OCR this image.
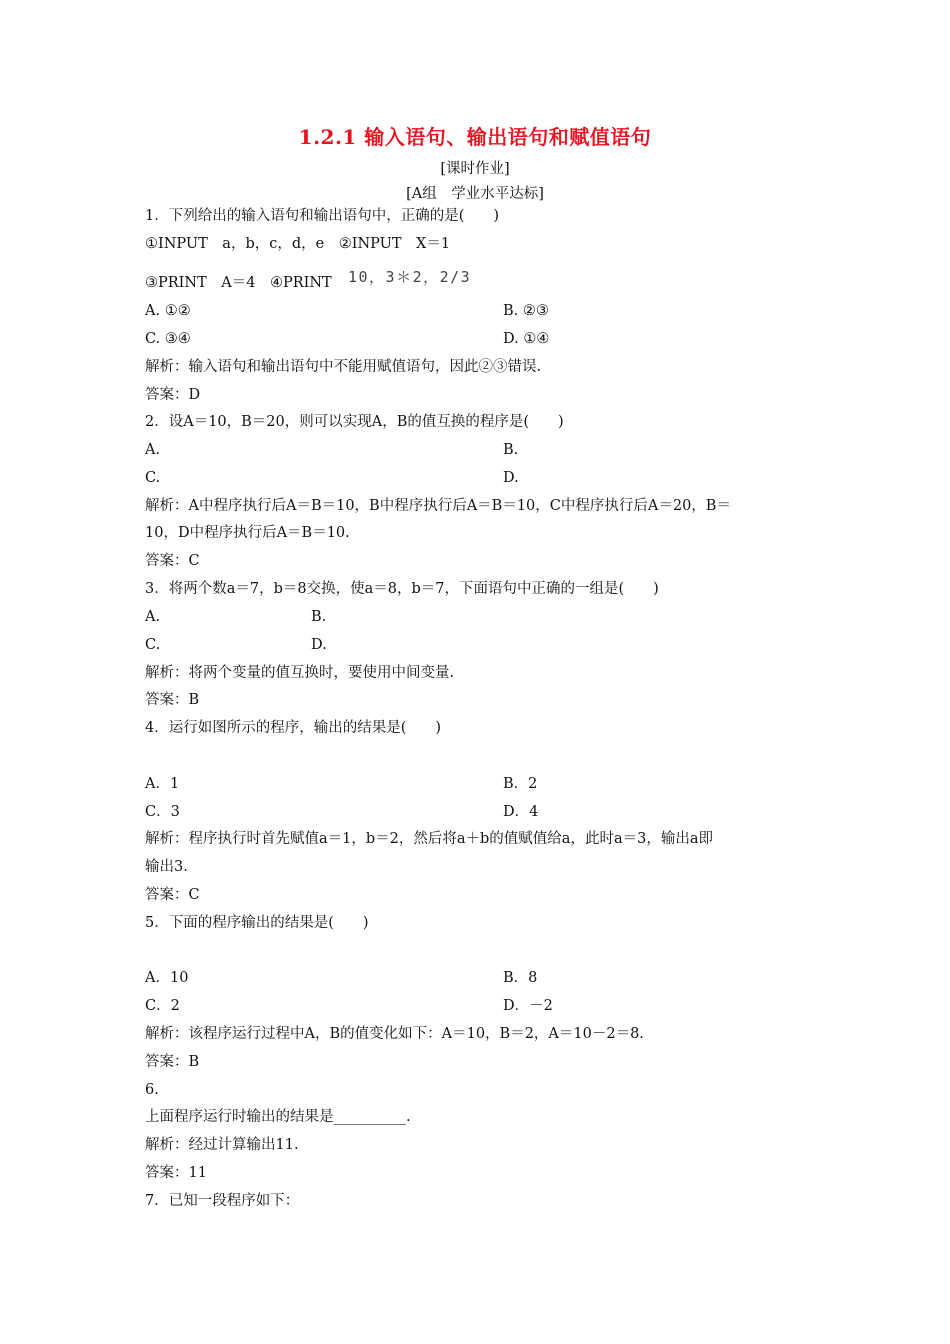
1.2.1 输入语句、输出语句和赋值语句
[课时作业]
[A组　学业水平达标]
1．下列给出的输入语句和输出语句中，正确的是(　　)
①INPUT　a，b，c，d，e　②INPUT　X＝1
③PRINT　A＝4　④PRINT 10，3＊2，2/3
A. ①②	B. ②③
C. ③④	D. ①④
解析：输入语句和输出语句中不能用赋值语句，因此②③错误.
答案：D
2．设A＝10，B＝20，则可以实现A，B的值互换的程序是(　　)
A.	B.
C.	D.
解析：A中程序执行后A＝B＝10，B中程序执行后A＝B＝10，C中程序执行后A＝20，B＝
10，D中程序执行后A＝B＝10.
答案：C
3．将两个数a＝7，b＝8交换，使a＝8，b＝7，下面语句中正确的一组是(　　)
A.	B.
C.	D.
解析：将两个变量的值互换时，要使用中间变量.
答案：B
4．运行如图所示的程序，输出的结果是(　　)
A．1	B．2
C．3	D．4
解析：程序执行时首先赋值a＝1，b＝2，然后将a＋b的值赋值给a，此时a＝3，输出a即
输出3.
答案：C
5．下面的程序输出的结果是(　　)
A．10	B．8
C．2	D．－2
解析：该程序运行过程中A，B的值变化如下：A＝10，B＝2，A＝10－2＝8.
答案：B
6.
上面程序运行时输出的结果是__________.
解析：经过计算输出11.
答案：11
7．已知一段程序如下：
